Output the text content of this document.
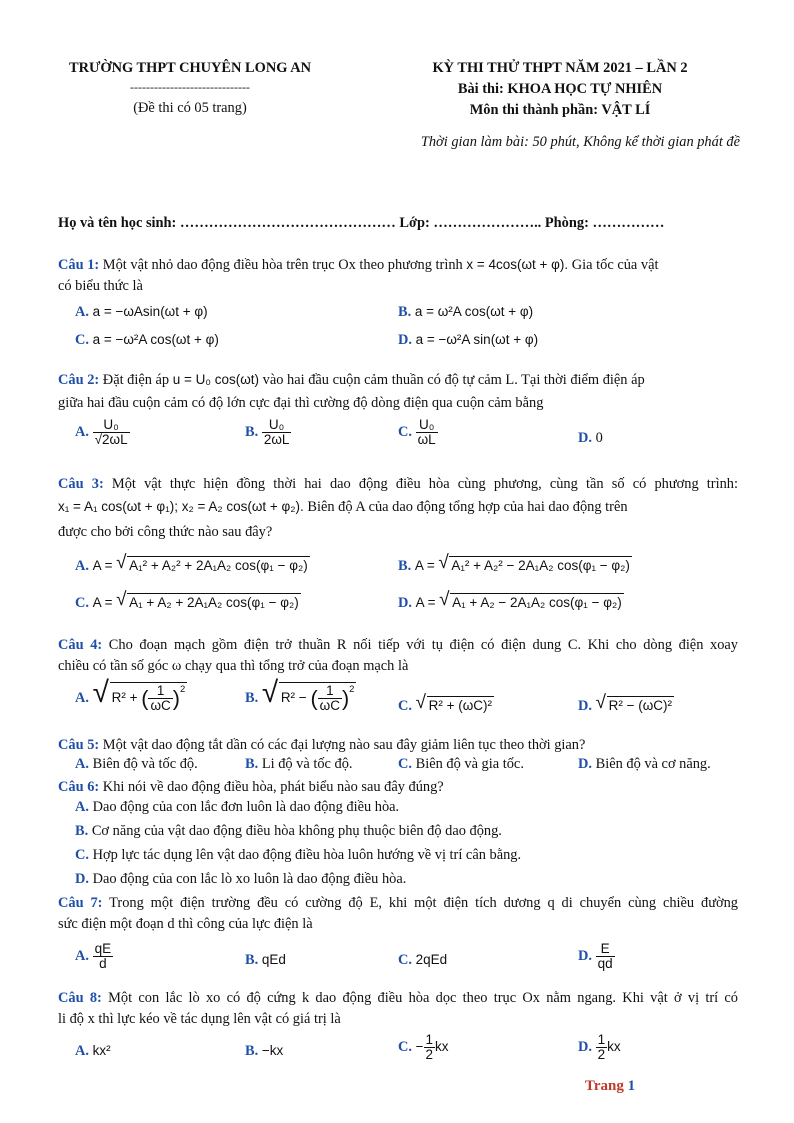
TRƯỜNG THPT CHUYÊN LONG AN
------------------------------
(Đề thi có 05 trang)
KỲ THI THỬ THPT NĂM 2021 – LẦN 2
Bài thi: KHOA HỌC TỰ NHIÊN
Môn thi thành phần: VẬT LÍ
Thời gian làm bài: 50 phút, Không kể thời gian phát đề
Họ và tên học sinh: ……………………………………… Lớp: ………………….. Phòng: ……………
Câu 1: Một vật nhỏ dao động điều hòa trên trục Ox theo phương trình x = 4cos(ωt + φ). Gia tốc của vật
có biểu thức là
A. a = −ωAsin(ωt + φ)	B. a = ω²A cos(ωt + φ)
C. a = −ω²A cos(ωt + φ)	D. a = −ω²A sin(ωt + φ)
Câu 2: Đặt điện áp u = U₀ cos(ωt) vào hai đầu cuộn cảm thuần có độ tự cảm L. Tại thời điểm điện áp
giữa hai đầu cuộn cảm có độ lớn cực đại thì cường độ dòng điện qua cuộn cảm bằng
A. $\frac{\text{U₀}}{√2\omega L}$	B. $\frac{\text{U₀}}{2\omega L}$	C. $\frac{\text{U₀}}{\omega L}$	D. 0
Câu 3: Một vật thực hiện đồng thời hai dao động điều hòa cùng phương, cùng tần số có phương trình:
x₁ = A₁ cos(ωt + φ₁); x₂ = A₂ cos(ωt + φ₂). Biên độ A của dao động tổng hợp của hai dao động trên
được cho bởi công thức nào sau đây?
A. A = √ A₁² + A₂² + 2A₁A₂ cos(φ₁ − φ₂)	B. A = √ A₁² + A₂² − 2A₁A₂ cos(φ₁ − φ₂)
C. A = √ A₁ + A₂ + 2A₁A₂ cos(φ₁ − φ₂)	D. A = √ A₁ + A₂ − 2A₁A₂ cos(φ₁ − φ₂)
Câu 4: Cho đoạn mạch gồm điện trở thuần R nối tiếp với tụ điện có điện dung C. Khi cho dòng điện xoay
chiều có tần số góc ω chạy qua thì tổng trở của đoạn mạch là
A. √ R² + ( $\frac{1}{\omega C} )^2$
B. √ R² − ( $\frac{1}{\omega C} )^2$
C. √ R² + (ωC)²	D. √ R² − (ωC)²
Câu 5: Một vật dao động tắt dần có các đại lượng nào sau đây giảm liên tục theo thời gian?
A. Biên độ và tốc độ.	B. Li độ và tốc độ.	C. Biên độ và gia tốc.	D. Biên độ và cơ năng.
Câu 6: Khi nói về dao động điều hòa, phát biểu nào sau đây đúng?
A. Dao động của con lắc đơn luôn là dao động điều hòa.
B. Cơ năng của vật dao động điều hòa không phụ thuộc biên độ dao động.
C. Hợp lực tác dụng lên vật dao động điều hòa luôn hướng về vị trí cân bằng.
D. Dao động của con lắc lò xo luôn là dao động điều hòa.
Câu 7: Trong một điện trường đều có cường độ E, khi một điện tích dương q di chuyển cùng chiều đường
sức điện một đoạn d thì công của lực điện là
A. $\frac{qE}{d}$	B. qEd	C. 2qEd	D. $\frac{E}{qd}$
Câu 8: Một con lắc lò xo có độ cứng k dao động điều hòa dọc theo trục Ox nằm ngang. Khi vật ở vị trí có
li độ x thì lực kéo về tác dụng lên vật có giá trị là
A. kx²	B. −kx	C. − $\frac{1}{2}$ kx	D. $\frac{1}{2}$ kx
Trang 1
